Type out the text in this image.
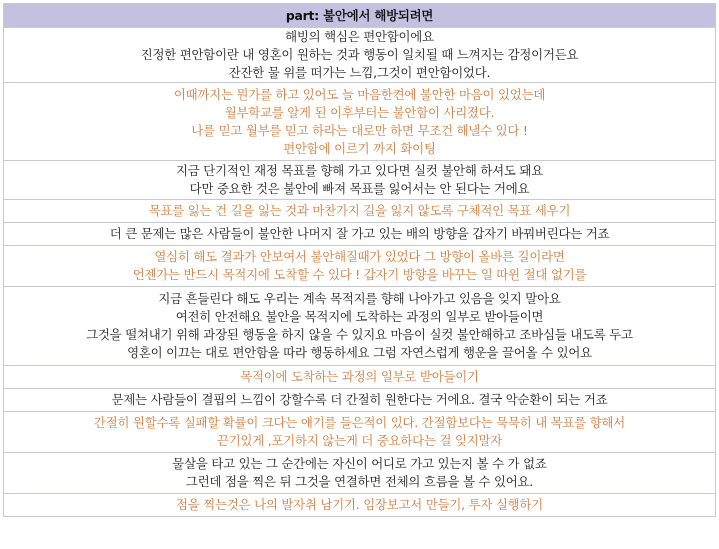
part: 불안에서 해방되려면

해빙의 핵심은 편안함이에요
진정한 편안함이란 내 영혼이 원하는 것과 행동이 일치될 때 느껴지는 감정이거든요
잔잔한 물 위를 떠가는 느낌,그것이 편안함이었다.

이때까지는 뭔가를 하고 있어도 늘 마음한켠에 불안한 마음이 있었는데
월부학교를 알게 된 이후부터는 불안함이 사리졌다.
나를 믿고 월부를 믿고 하라는 대로만 하면 무조건 해낼수 있다 !
편안함에 이르기 까지 화이팅

지금 단기적인 재정 목표를 향해 가고 있다면 실컷 불안해 하셔도 돼요
다만 중요한 것은 불안에 빠져 목표를 잃어서는 안 된다는 거에요

목표를 잃는 건 길을 잃는 것과 마찬가지 길을 잃지 않도록 구체적인 목표 세우기

더 큰 문제는 많은 사람들이 불안한 나머지 잘 가고 있는 배의 방향을 갑자기 바꿔버린다는 거죠

열심히 해도 결과가 안보여서 불안해질때가 있었다 그 방향이 올바른 길이라면
언젠가는 반드시 목적지에 도착할 수 있다 ! 갑자기 방향을 바꾸는 일 따윈 절대 없기를

지금 흔들린다 해도 우리는 계속 목적지를 향해 나아가고 있음을 잊지 말아요
여전히 안전해요 불안을 목적지에 도착하는 과정의 일부로 받아들이면
그것을 떨쳐내기 위해 과장된 행동을 하지 않을 수 있지요 마음이 실컷 불안해하고 조바심들 내도록 두고
영혼이 이끄는 대로 편안함을 따라 행동하세요 그럼 자연스럽게 행운을 끌어올 수 있어요

목적이에 도착하는 과정의 일부로 받아들이기

문제는 사람들이 결핍의 느낌이 강할수록 더 간절히 원한다는 거에요. 결국 악순환이 되는 거죠

간절히 원할수록 실패할 확률이 크다는 얘기를 들은적이 있다. 간절함보다는 묵묵히 내 목표를 향해서
끈기있게 ,포기하지 않는게 더 중요하다는 걸 잊지말자

물살을 타고 있는 그 순간에는 자신이 어디로 가고 있는지 볼 수 가 없죠
그런데 점을 찍은 뒤 그것을 연결하면 전체의 흐름을 볼 수 있어요.

점을 찍는것은 나의 발자취 남기기. 임장보고서 만들기, 투자 실행하기
